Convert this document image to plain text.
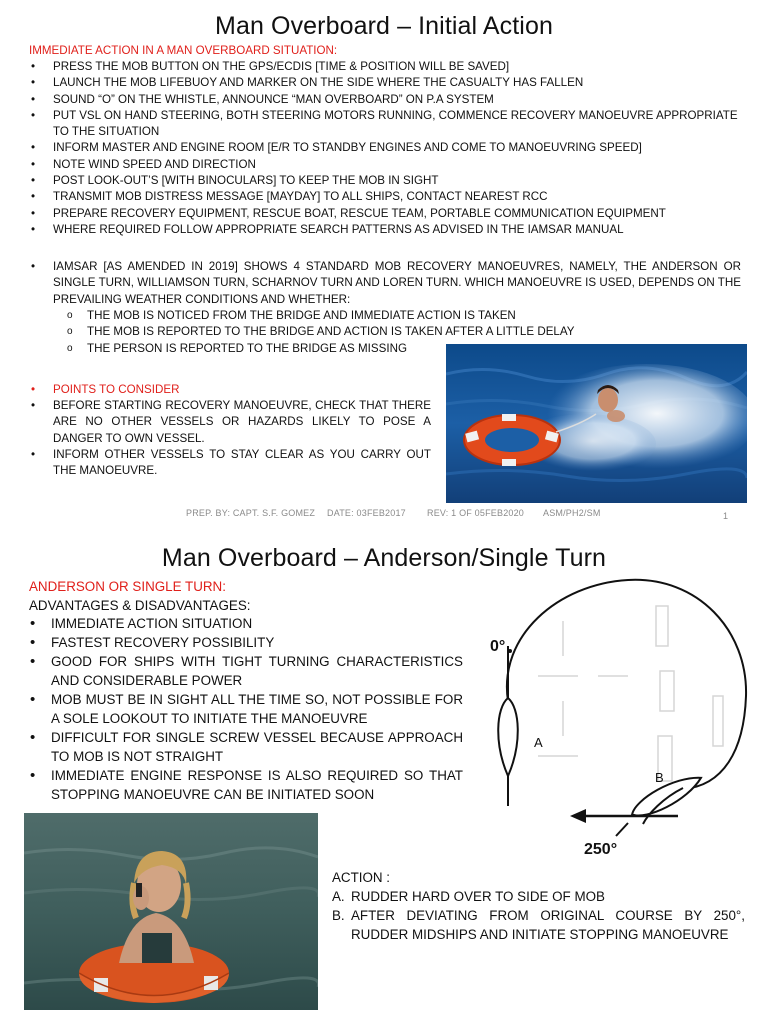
Man Overboard – Initial Action
IMMEDIATE ACTION IN A MAN OVERBOARD SITUATION:
• PRESS THE MOB BUTTON ON THE GPS/ECDIS [TIME & POSITION WILL BE SAVED]
• LAUNCH THE MOB LIFEBUOY AND MARKER ON THE SIDE WHERE THE CASUALTY HAS FALLEN
• SOUND “O” ON THE WHISTLE, ANNOUNCE “MAN OVERBOARD” ON P.A SYSTEM
• PUT VSL ON HAND STEERING, BOTH STEERING MOTORS RUNNING, COMMENCE RECOVERY MANOEUVRE APPROPRIATE TO THE SITUATION
• INFORM MASTER AND ENGINE ROOM [E/R TO STANDBY ENGINES AND COME TO MANOEUVRING SPEED]
• NOTE WIND SPEED AND DIRECTION
• POST LOOK-OUT’S [WITH BINOCULARS] TO KEEP THE MOB IN SIGHT
• TRANSMIT MOB DISTRESS MESSAGE [MAYDAY] TO ALL SHIPS, CONTACT NEAREST RCC
• PREPARE RECOVERY EQUIPMENT, RESCUE BOAT, RESCUE TEAM, PORTABLE COMMUNICATION EQUIPMENT
• WHERE REQUIRED FOLLOW APPROPRIATE SEARCH PATTERNS AS ADVISED IN THE IAMSAR MANUAL
• IAMSAR [AS AMENDED IN 2019] SHOWS 4 STANDARD MOB RECOVERY MANOEUVRES, NAMELY, THE ANDERSON OR SINGLE TURN, WILLIAMSON TURN, SCHARNOV TURN AND LOREN TURN. WHICH MANOEUVRE IS USED, DEPENDS ON THE PREVAILING WEATHER CONDITIONS AND WHETHER:
o THE MOB IS NOTICED FROM THE BRIDGE AND IMMEDIATE ACTION IS TAKEN
o THE MOB IS REPORTED TO THE BRIDGE AND ACTION IS TAKEN AFTER A LITTLE DELAY
o THE PERSON IS REPORTED TO THE BRIDGE AS MISSING
• POINTS TO CONSIDER
• BEFORE STARTING RECOVERY MANOEUVRE, CHECK THAT THERE ARE NO OTHER VESSELS OR HAZARDS LIKELY TO POSE A DANGER TO OWN VESSEL.
• INFORM OTHER VESSELS TO STAY CLEAR AS YOU CARRY OUT THE MANOEUVRE.
PREP. BY: CAPT. S.F. GOMEZ DATE: 03FEB2017 REV: 1 OF 05FEB2020 ASM/PH2/SM	1
Man Overboard – Anderson/Single Turn
ANDERSON OR SINGLE TURN:
ADVANTAGES & DISADVANTAGES:
• IMMEDIATE ACTION SITUATION
• FASTEST RECOVERY POSSIBILITY
• GOOD FOR SHIPS WITH TIGHT TURNING CHARACTERISTICS AND CONSIDERABLE POWER
• MOB MUST BE IN SIGHT ALL THE TIME SO, NOT POSSIBLE FOR A SOLE LOOKOUT TO INITIATE THE MANOEUVRE
• DIFFICULT FOR SINGLE SCREW VESSEL BECAUSE APPROACH TO MOB IS NOT STRAIGHT
• IMMEDIATE ENGINE RESPONSE IS ALSO REQUIRED SO THAT STOPPING MANOEUVRE CAN BE INITIATED SOON
0°
A
B
250°
ACTION :
A. RUDDER HARD OVER TO SIDE OF MOB
B. AFTER DEVIATING FROM ORIGINAL COURSE BY 250°, RUDDER MIDSHIPS AND INITIATE STOPPING MANOEUVRE
